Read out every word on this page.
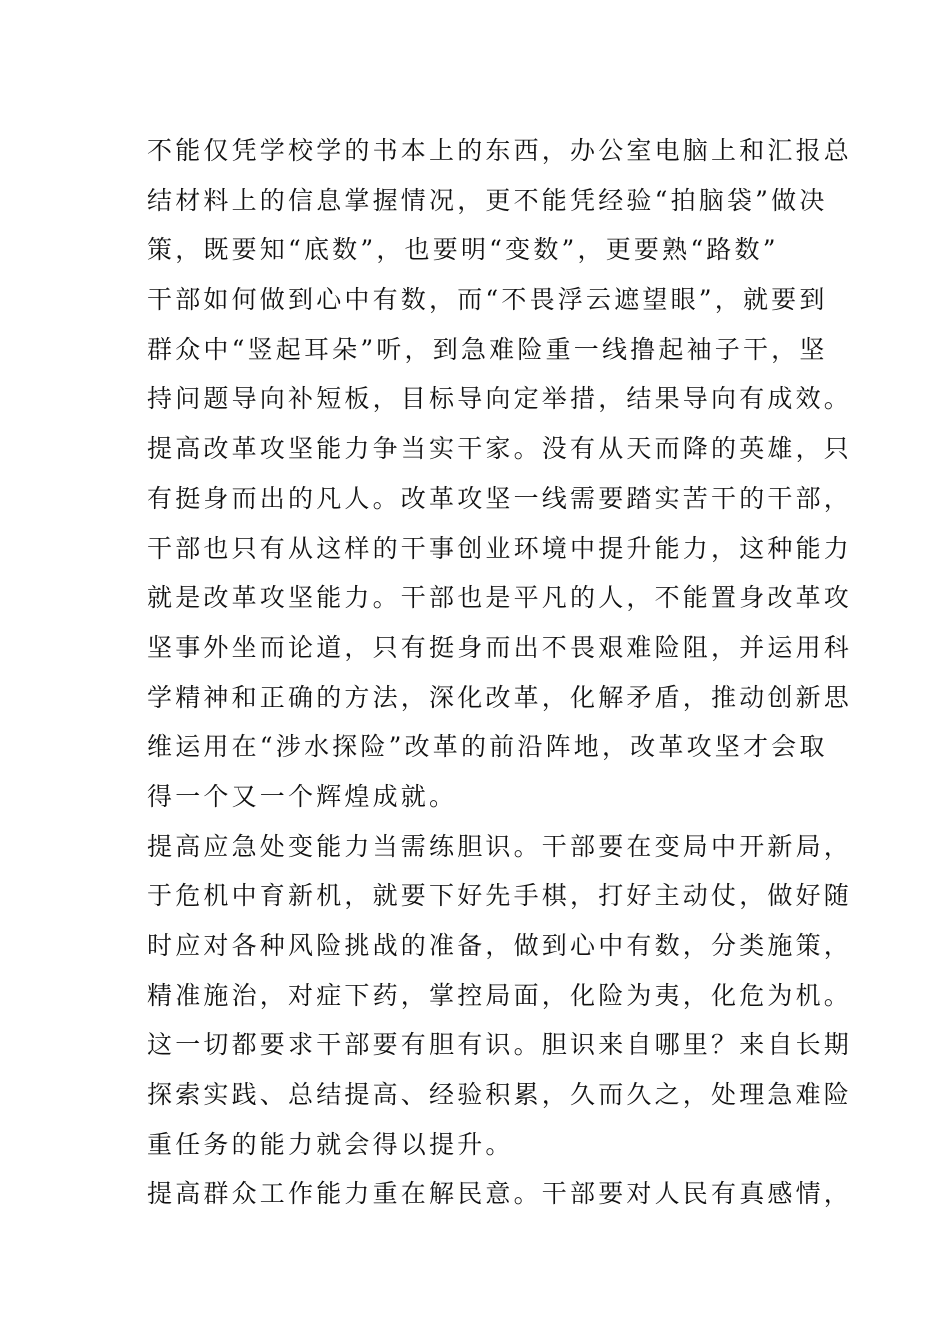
不能仅凭学校学的书本上的东西，办公室电脑上和汇报总
结材料上的信息掌握情况，更不能凭经验“拍脑袋”做决
策，既要知“底数”，也要明“变数”，更要熟“路数”
干部如何做到心中有数，而“不畏浮云遮望眼”，就要到
群众中“竖起耳朵”听，到急难险重一线撸起袖子干，坚
持问题导向补短板，目标导向定举措，结果导向有成效。
提高改革攻坚能力争当实干家。没有从天而降的英雄，只
有挺身而出的凡人。改革攻坚一线需要踏实苦干的干部，
干部也只有从这样的干事创业环境中提升能力，这种能力
就是改革攻坚能力。干部也是平凡的人，不能置身改革攻
坚事外坐而论道，只有挺身而出不畏艰难险阻，并运用科
学精神和正确的方法，深化改革，化解矛盾，推动创新思
维运用在“涉水探险”改革的前沿阵地，改革攻坚才会取
得一个又一个辉煌成就。
提高应急处变能力当需练胆识。干部要在变局中开新局，
于危机中育新机，就要下好先手棋，打好主动仗，做好随
时应对各种风险挑战的准备，做到心中有数，分类施策，
精准施治，对症下药，掌控局面，化险为夷，化危为机。
这一切都要求干部要有胆有识。胆识来自哪里？来自长期
探索实践、总结提高、经验积累，久而久之，处理急难险
重任务的能力就会得以提升。
提高群众工作能力重在解民意。干部要对人民有真感情，
